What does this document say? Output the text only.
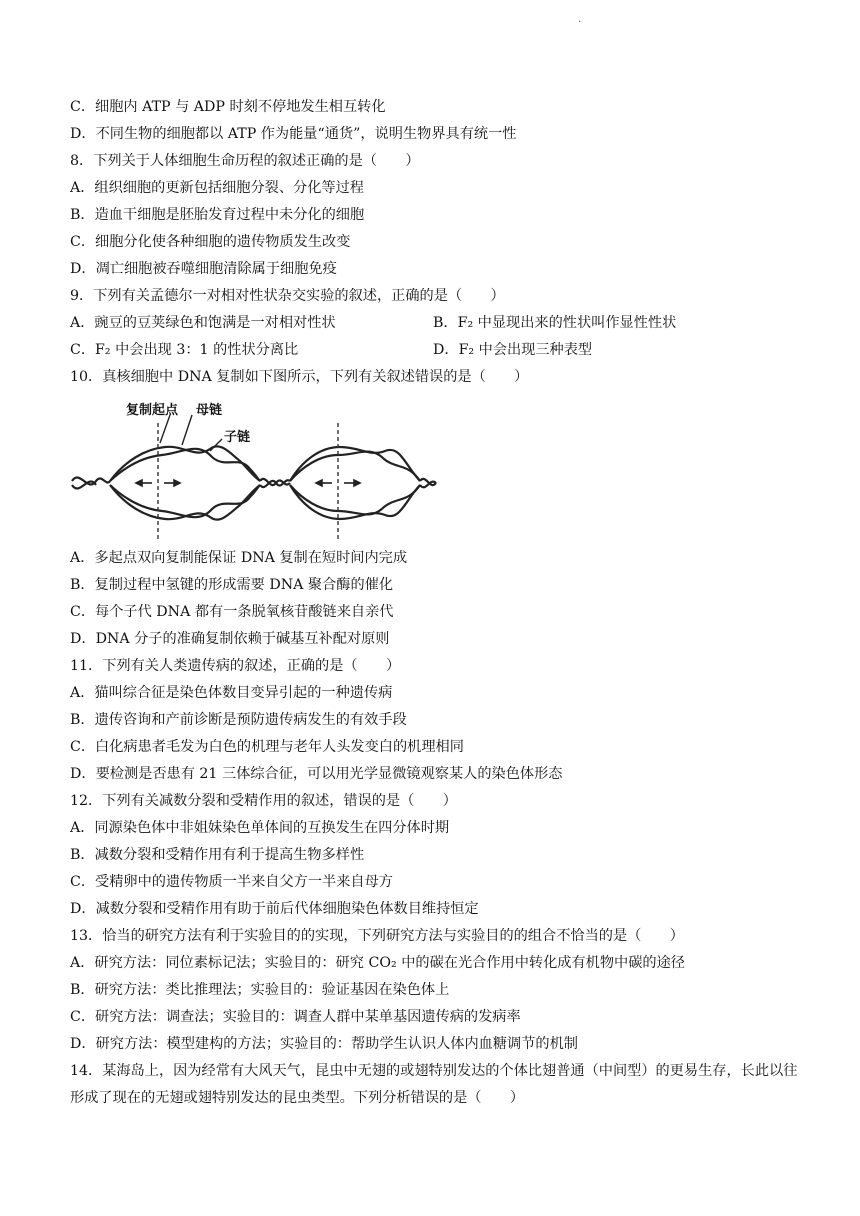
.
C．细胞内 ATP 与 ADP 时刻不停地发生相互转化
D．不同生物的细胞都以 ATP 作为能量“通货”，说明生物界具有统一性
8．下列关于人体细胞生命历程的叙述正确的是（　　）
A．组织细胞的更新包括细胞分裂、分化等过程
B．造血干细胞是胚胎发育过程中未分化的细胞
C．细胞分化使各种细胞的遗传物质发生改变
D．凋亡细胞被吞噬细胞清除属于细胞免疫
9．下列有关孟德尔一对相对性状杂交实验的叙述，正确的是（　　）
A．豌豆的豆荚绿色和饱满是一对相对性状	B．F₂ 中显现出来的性状叫作显性性状
C．F₂ 中会出现 3：1 的性状分离比	D．F₂ 中会出现三种表型
10．真核细胞中 DNA 复制如下图所示，下列有关叙述错误的是（　　）
复制起点 母链
子链
A．多起点双向复制能保证 DNA 复制在短时间内完成
B．复制过程中氢键的形成需要 DNA 聚合酶的催化
C．每个子代 DNA 都有一条脱氧核苷酸链来自亲代
D．DNA 分子的准确复制依赖于碱基互补配对原则
11．下列有关人类遗传病的叙述，正确的是（　　）
A．猫叫综合征是染色体数目变异引起的一种遗传病
B．遗传咨询和产前诊断是预防遗传病发生的有效手段
C．白化病患者毛发为白色的机理与老年人头发变白的机理相同
D．要检测是否患有 21 三体综合征，可以用光学显微镜观察某人的染色体形态
12．下列有关减数分裂和受精作用的叙述，错误的是（　　）
A．同源染色体中非姐妹染色单体间的互换发生在四分体时期
B．减数分裂和受精作用有利于提高生物多样性
C．受精卵中的遗传物质一半来自父方一半来自母方
D．减数分裂和受精作用有助于前后代体细胞染色体数目维持恒定
13．恰当的研究方法有利于实验目的的实现，下列研究方法与实验目的的组合不恰当的是（　　）
A．研究方法：同位素标记法；实验目的：研究 CO₂ 中的碳在光合作用中转化成有机物中碳的途径
B．研究方法：类比推理法；实验目的：验证基因在染色体上
C．研究方法：调查法；实验目的：调查人群中某单基因遗传病的发病率
D．研究方法：模型建构的方法；实验目的：帮助学生认识人体内血糖调节的机制
14．某海岛上，因为经常有大风天气，昆虫中无翅的或翅特别发达的个体比翅普通（中间型）的更易生存，长此以往形成了现在的无翅或翅特别发达的昆虫类型。下列分析错误的是（　　）
